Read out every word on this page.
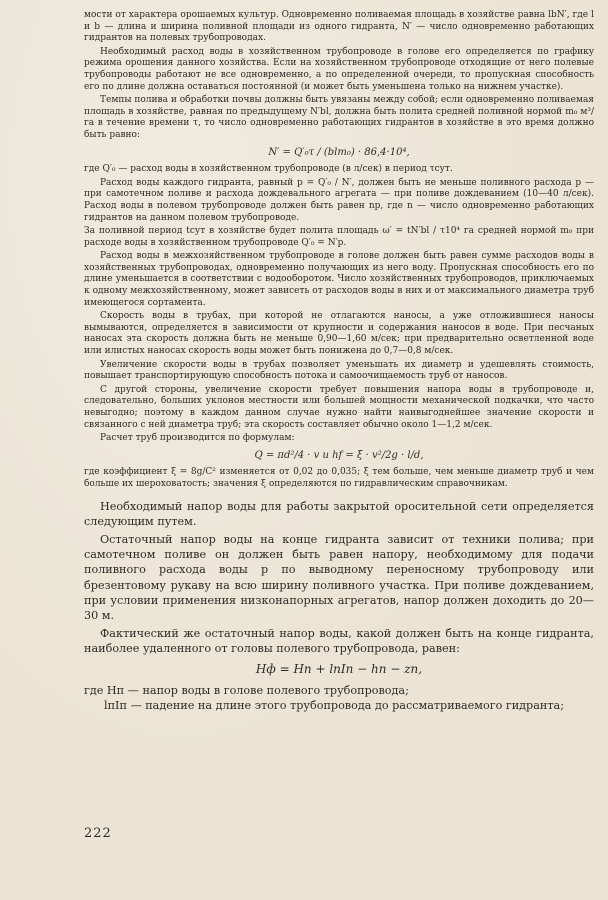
мости от характера орошаемых культур. Одновременно поливаемая площадь в хозяйстве равна lbN′, где l и b — длина и ширина поливной площади из одного гидранта, N′ — число одновременно работающих гидрантов на полевых трубопроводах.

Необходимый расход воды в хозяйственном трубопроводе в голове его определяется по графику режима орошения данного хозяйства. Если на хозяйственном трубопроводе отходящие от него полевые трубопроводы работают не все одновременно, а по определенной очереди, то пропускная способность его по длине должна оставаться постоянной (и может быть уменьшена только на нижнем участке).

Темпы полива и обработки почвы должны быть увязаны между собой; если одновременно поливаемая площадь в хозяйстве, равная по предыдущему N′bl, должна быть полита средней поливной нормой m₀ м³/га в течение времени τ, то число одновременно работающих гидрантов в хозяйстве в это время должно быть равно:

N′ = Q′₀τ / (blm₀) · 86,4·10⁴,

где Q′₀ — расход воды в хозяйственном трубопроводе (в л/сек) в период τсут.

Расход воды каждого гидранта, равный p = Q′₀ / N′, должен быть не меньше поливного расхода p — при самотечном поливе и расхода дождевального агрегата — при поливе дождеванием (10—40 л/сек). Расход воды в полевом трубопроводе должен быть равен np, где n — число одновременно работающих гидрантов на данном полевом трубопроводе.

За поливной период tсут в хозяйстве будет полита площадь ω′ = tN′bl / τ10⁴ га средней нормой m₀ при расходе воды в хозяйственном трубопроводе Q′₀ = N′p.

Расход воды в межхозяйственном трубопроводе в голове должен быть равен сумме расходов воды в хозяйственных трубопроводах, одновременно получающих из него воду. Пропускная способность его по длине уменьшается в соответствии с водооборотом. Число хозяйственных трубопроводов, приключаемых к одному межхозяйственному, может зависеть от расходов воды в них и от максимального диаметра труб имеющегося сортамента.

Скорость воды в трубах, при которой не отлагаются наносы, а уже отложившиеся наносы вымываются, определяется в зависимости от крупности и содержания наносов в воде. При песчаных наносах эта скорость должна быть не меньше 0,90—1,60 м/сек; при предварительно осветленной воде или илистых наносах скорость воды может быть понижена до 0,7—0,8 м/сек.

Увеличение скорости воды в трубах позволяет уменьшать их диаметр и удешевлять стоимость, повышает транспортирующую способность потока и самоочищаемость труб от наносов.

С другой стороны, увеличение скорости требует повышения напора воды в трубопроводе и, следовательно, больших уклонов местности или большей мощности механической подкачки, что часто невыгодно; поэтому в каждом данном случае нужно найти наивыгоднейшее значение скорости и связанного с ней диаметра труб; эта скорость составляет обычно около 1—1,2 м/сек.

Расчет труб производится по формулам:

Q = πd²/4 · v и hf = ξ · v²/2g · l/d,

где коэффициент ξ = 8g/C² изменяется от 0,02 до 0,035; ξ тем больше, чем меньше диаметр труб и чем больше их шероховатость; значения ξ определяются по гидравлическим справочникам.

Необходимый напор воды для работы закрытой оросительной сети определяется следующим путем.

Остаточный напор воды на конце гидранта зависит от техники полива; при самотечном поливе он должен быть равен напору, необходимому для подачи поливного расхода воды p по выводному переносному трубопроводу или брезентовому рукаву на всю ширину поливного участка. При поливе дождеванием, при условии применения низконапорных агрегатов, напор должен доходить до 20—30 м.

Фактический же остаточный напор воды, какой должен быть на конце гидранта, наиболее удаленного от головы полевого трубопровода, равен:

Hф = Hп + lпIп − hп − zп,
где Hп — напор воды в голове полевого трубопровода;
lпIп — падение на длине этого трубопровода до рассматриваемого гидранта;
222
